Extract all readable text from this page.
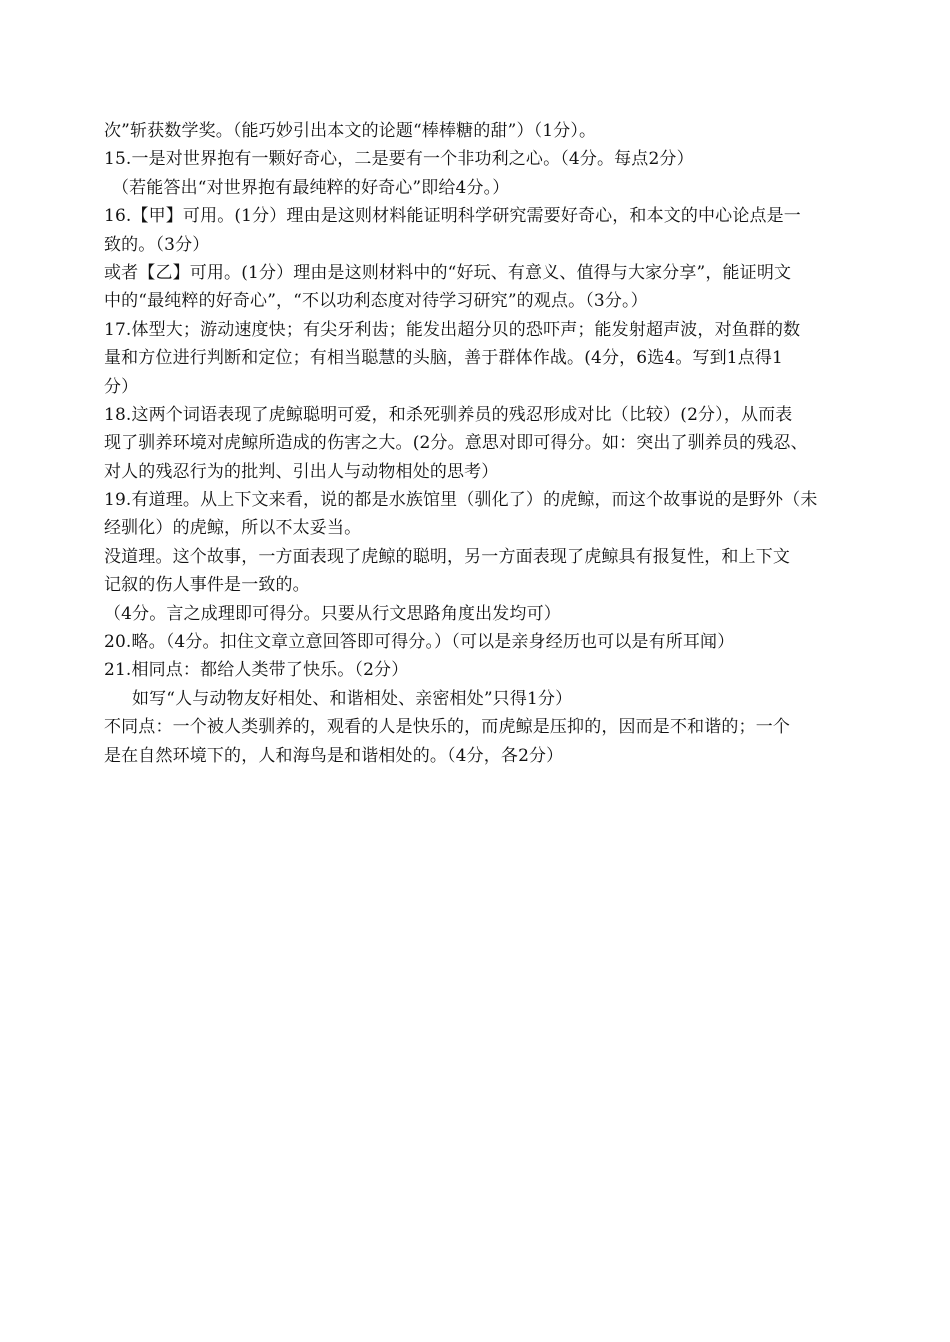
次”斩获数学奖。（能巧妙引出本文的论题“棒棒糖的甜”）（1分）。
15.一是对世界抱有一颗好奇心，二是要有一个非功利之心。（4分。每点2分）
（若能答出“对世界抱有最纯粹的好奇心”即给4分。）
16.【甲】可用。(1分）理由是这则材料能证明科学研究需要好奇心，和本文的中心论点是一
致的。（3分）
或者【乙】可用。(1分）理由是这则材料中的“好玩、有意义、值得与大家分享”，能证明文
中的“最纯粹的好奇心”，“不以功利态度对待学习研究”的观点。（3分。）
17.体型大；游动速度快；有尖牙利齿；能发出超分贝的恐吓声；能发射超声波，对鱼群的数
量和方位进行判断和定位；有相当聪慧的头脑，善于群体作战。(4分，6选4。写到1点得1
分）
18.这两个词语表现了虎鲸聪明可爱，和杀死驯养员的残忍形成对比（比较）(2分），从而表
现了驯养环境对虎鲸所造成的伤害之大。(2分。意思对即可得分。如：突出了驯养员的残忍、
对人的残忍行为的批判、引出人与动物相处的思考）
19.有道理。从上下文来看，说的都是水族馆里（驯化了）的虎鲸，而这个故事说的是野外（未
经驯化）的虎鲸，所以不太妥当。
没道理。这个故事，一方面表现了虎鲸的聪明，另一方面表现了虎鲸具有报复性，和上下文
记叙的伤人事件是一致的。
（4分。言之成理即可得分。只要从行文思路角度出发均可）
20.略。（4分。扣住文章立意回答即可得分。）（可以是亲身经历也可以是有所耳闻）
21.相同点：都给人类带了快乐。（2分）
如写“人与动物友好相处、和谐相处、亲密相处”只得1分）
不同点：一个被人类驯养的，观看的人是快乐的，而虎鲸是压抑的，因而是不和谐的；一个
是在自然环境下的，人和海鸟是和谐相处的。（4分，各2分）
